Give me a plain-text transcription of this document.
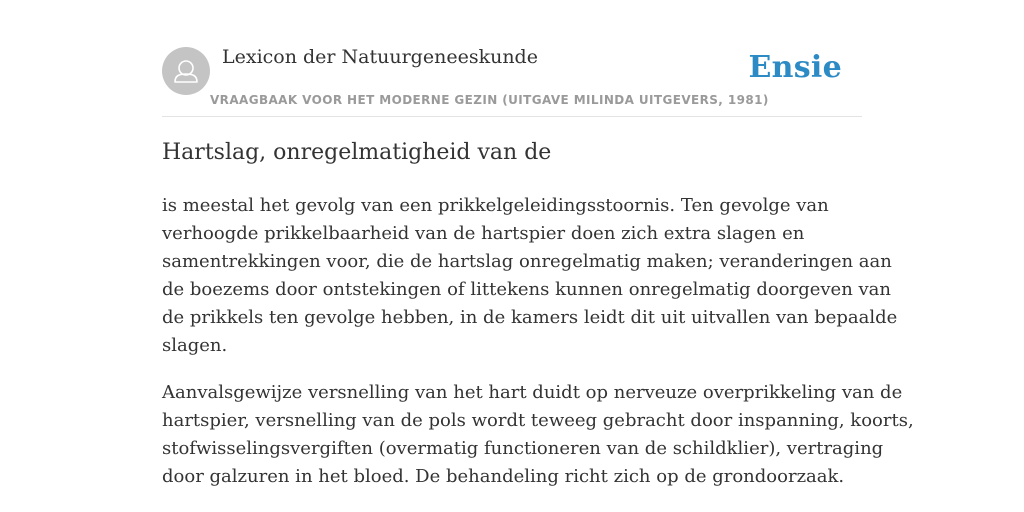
Lexicon der Natuurgeneeskunde
VRAAGBAAK VOOR HET MODERNE GEZIN (UITGAVE MILINDA UITGEVERS, 1981)
Ensie
Hartslag, onregelmatigheid van de

is meestal het gevolg van een prikkelgeleidingsstoornis. Ten gevolge van
verhoogde prikkelbaarheid van de hartspier doen zich extra slagen en
samentrekkingen voor, die de hartslag onregelmatig maken; veranderingen aan
de boezems door ontstekingen of littekens kunnen onregelmatig doorgeven van
de prikkels ten gevolge hebben, in de kamers leidt dit uit uitvallen van bepaalde
slagen.

Aanvalsgewijze versnelling van het hart duidt op nerveuze overprikkeling van de
hartspier, versnelling van de pols wordt teweeg gebracht door inspanning, koorts,
stofwisselingsvergiften (overmatig functioneren van de schildklier), vertraging
door galzuren in het bloed. De behandeling richt zich op de grondoorzaak.
